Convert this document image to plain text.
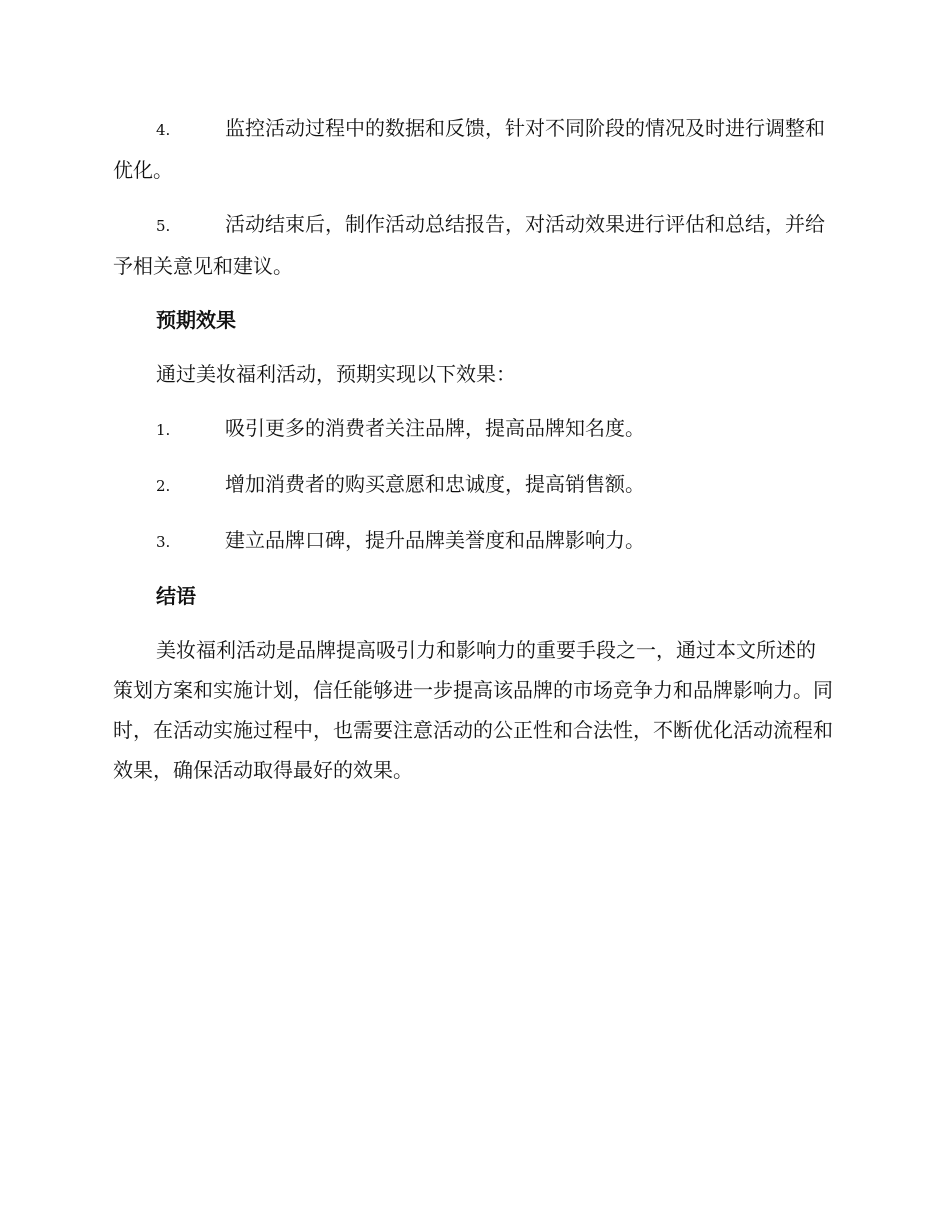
4.	监控活动过程中的数据和反馈，针对不同阶段的情况及时进行调整和优化。

5.	活动结束后，制作活动总结报告，对活动效果进行评估和总结，并给予相关意见和建议。

预期效果

通过美妆福利活动，预期实现以下效果：

1.	吸引更多的消费者关注品牌，提高品牌知名度。

2.	增加消费者的购买意愿和忠诚度，提高销售额。

3.	建立品牌口碑，提升品牌美誉度和品牌影响力。

结语

美妆福利活动是品牌提高吸引力和影响力的重要手段之一，通过本文所述的策划方案和实施计划，信任能够进一步提高该品牌的市场竞争力和品牌影响力。同时，在活动实施过程中，也需要注意活动的公正性和合法性，不断优化活动流程和效果，确保活动取得最好的效果。
